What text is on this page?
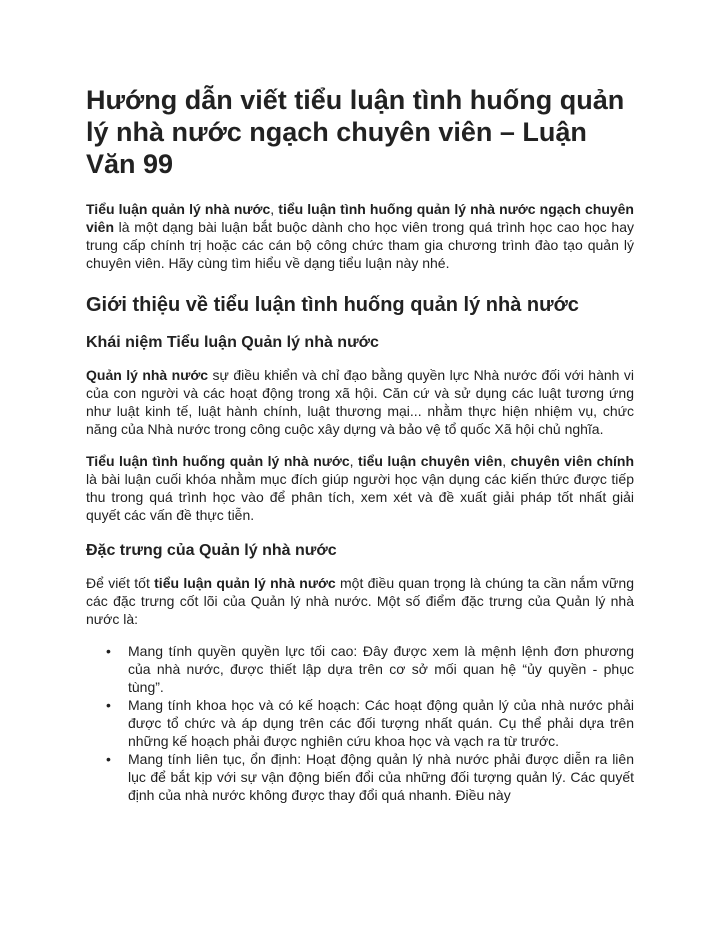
Hướng dẫn viết tiểu luận tình huống quản lý nhà nước ngạch chuyên viên – Luận Văn 99

Tiểu luận quản lý nhà nước, tiểu luận tình huống quản lý nhà nước ngạch chuyên viên là một dạng bài luận bắt buộc dành cho học viên trong quá trình học cao học hay trung cấp chính trị hoặc các cán bộ công chức tham gia chương trình đào tạo quản lý chuyên viên. Hãy cùng tìm hiểu về dạng tiểu luận này nhé.

Giới thiệu về tiểu luận tình huống quản lý nhà nước
Khái niệm Tiểu luận Quản lý nhà nước

Quản lý nhà nước sự điều khiển và chỉ đạo bằng quyền lực Nhà nước đối với hành vi của con người và các hoạt động trong xã hội. Căn cứ và sử dụng các luật tương ứng như luật kinh tế, luật hành chính, luật thương mại... nhằm thực hiện nhiệm vụ, chức năng của Nhà nước trong công cuộc xây dựng và bảo vệ tổ quốc Xã hội chủ nghĩa.

Tiểu luận tình huống quản lý nhà nước, tiểu luận chuyên viên, chuyên viên chính là bài luận cuối khóa nhằm mục đích giúp người học vận dụng các kiến thức được tiếp thu trong quá trình học vào để phân tích, xem xét và đề xuất giải pháp tốt nhất giải quyết các vấn đề thực tiễn.

Đặc trưng của Quản lý nhà nước

Để viết tốt tiểu luận quản lý nhà nước một điều quan trọng là chúng ta cần nắm vững các đặc trưng cốt lõi của Quản lý nhà nước. Một số điểm đặc trưng của Quản lý nhà nước là:

• Mang tính quyền quyền lực tối cao: Đây được xem là mệnh lệnh đơn phương của nhà nước, được thiết lập dựa trên cơ sở mối quan hệ “ủy quyền - phục tùng”.
• Mang tính khoa học và có kế hoạch: Các hoạt động quản lý của nhà nước phải được tổ chức và áp dụng trên các đối tượng nhất quán. Cụ thể phải dựa trên những kế hoạch phải được nghiên cứu khoa học và vạch ra từ trước.
• Mang tính liên tục, ổn định: Hoạt động quản lý nhà nước phải được diễn ra liên lục để bắt kịp với sự vận động biến đổi của những đối tượng quản lý. Các quyết định của nhà nước không được thay đổi quá nhanh. Điều này
